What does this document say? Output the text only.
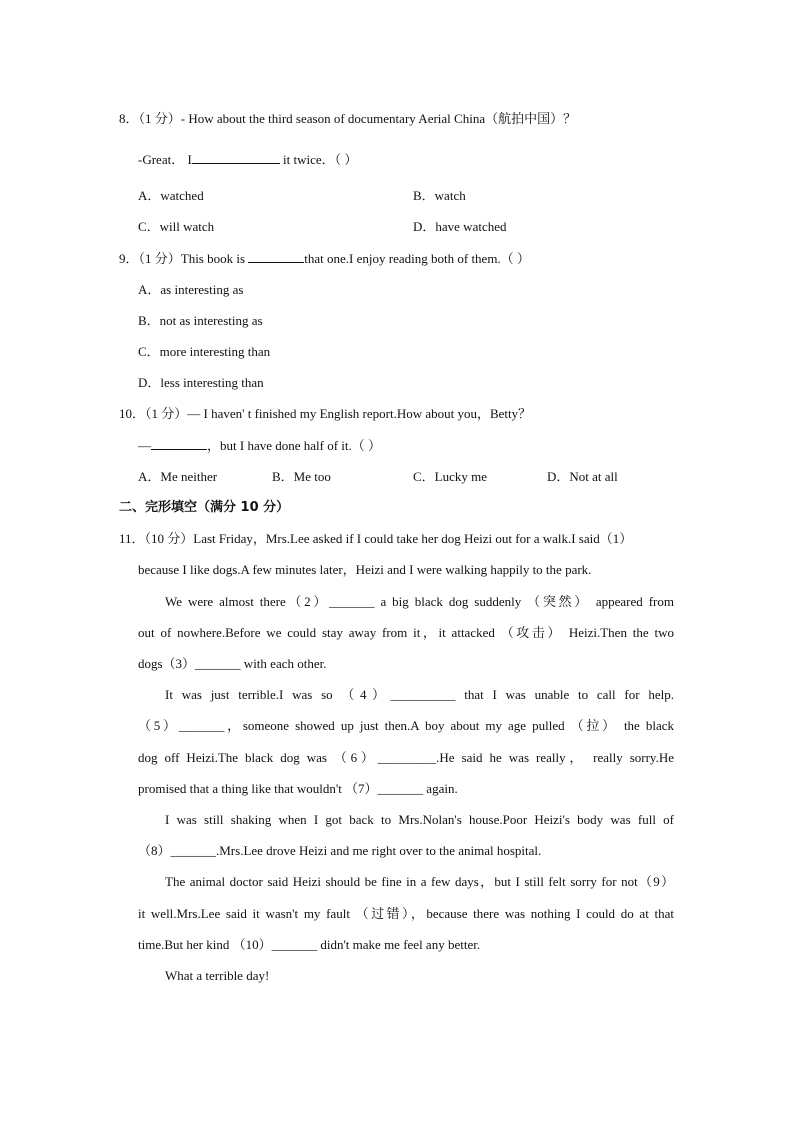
8．（1 分）- How about the third season of documentary Aerial China（航拍中国）？
-Great． I	it twice．（ ）
A．watched	B．watch
C．will watch	D．have watched
9．（1 分）This book is	that one.I enjoy reading both of them.（ ）
A．as interesting as
B．not as interesting as
C．more interesting than
D．less interesting than
10．（1 分）— I haven' t finished my English report.How about you，Betty？
—	，but I have done half of it.（ ）
A．Me neither	B．Me too	C．Lucky me	D．Not at all
二、完形填空（满分 10 分）
11．（10 分）Last Friday，Mrs.Lee asked if I could take her dog Heizi out for a walk.I said（1）
because I like dogs.A few minutes later，Heizi and I were walking happily to the park.
We were almost there（2）_______ a big black dog suddenly （突然） appeared from
out of nowhere.Before we could stay away from it，it attacked （攻击） Heizi.Then the two
dogs（3）_______ with each other.
It was just terrible.I was so （4）__________ that I was unable to call for help.
（5）_______，someone showed up just then.A boy about my age pulled （拉） the black
dog off Heizi.The black dog was （6）_________.He said he was really， really sorry.He
promised that a thing like that wouldn't （7）_______ again.
I was still shaking when I got back to Mrs.Nolan's house.Poor Heizi's body was full of
（8）_______.Mrs.Lee drove Heizi and me right over to the animal hospital.
The animal doctor said Heizi should be fine in a few days，but I still felt sorry for not（9）
it well.Mrs.Lee said it wasn't my fault （过错），because there was nothing I could do at that
time.But her kind （10）_______ didn't make me feel any better.
What a terrible day!
